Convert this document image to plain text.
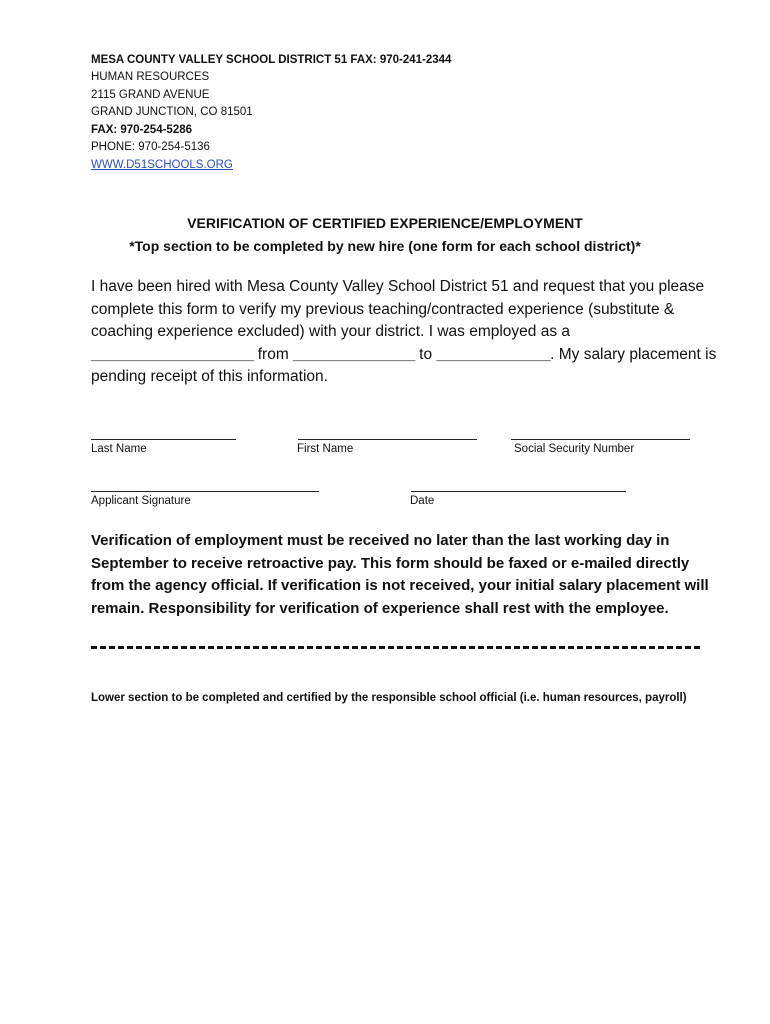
MESA COUNTY VALLEY SCHOOL DISTRICT 51 FAX: 970-241-2344
HUMAN RESOURCES
2115 GRAND AVENUE
GRAND JUNCTION, CO 81501
FAX: 970-254-5286
PHONE: 970-254-5136
WWW.D51SCHOOLS.ORG
VERIFICATION OF CERTIFIED EXPERIENCE/EMPLOYMENT
*Top section to be completed by new hire (one form for each school district)*
I have been hired with Mesa County Valley School District 51 and request that you please complete this form to verify my previous teaching/contracted experience (substitute & coaching experience excluded) with your district. I was employed as a ____________________ from _______________ to ______________. My salary placement is pending receipt of this information.
Last Name	First Name	Social Security Number
Applicant Signature	Date
Verification of employment must be received no later than the last working day in September to receive retroactive pay. This form should be faxed or e-mailed directly from the agency official. If verification is not received, your initial salary placement will remain. Responsibility for verification of experience shall rest with the employee.
Lower section to be completed and certified by the responsible school official (i.e. human resources, payroll)
